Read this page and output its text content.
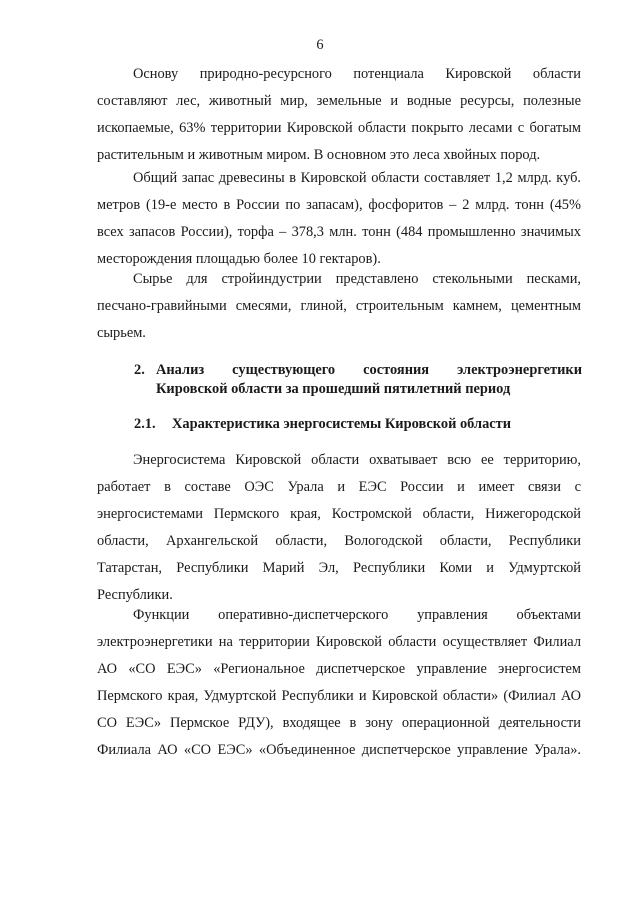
6
Основу природно-ресурсного потенциала Кировской области
составляют лес, животный мир, земельные и водные ресурсы, полезные
ископаемые, 63% территории Кировской области покрыто лесами с богатым
растительным и животным миром. В основном это леса хвойных пород.
Общий запас древесины в Кировской области составляет 1,2 млрд. куб.
метров (19-е место в России по запасам), фосфоритов – 2 млрд. тонн (45%
всех запасов России), торфа – 378,3 млн. тонн (484 промышленно значимых
месторождения площадью более 10 гектаров).
Сырье для стройиндустрии представлено стекольными песками,
песчано-гравийными смесями, глиной, строительным камнем, цементным
сырьем.
2. Анализ существующего состояния электроэнергетики
Кировской области за прошедший пятилетний период
2.1. Характеристика энергосистемы Кировской области
Энергосистема Кировской области охватывает всю ее территорию,
работает в составе ОЭС Урала и ЕЭС России и имеет связи с
энергосистемами Пермского края, Костромской области, Нижегородской
области, Архангельской области, Вологодской области, Республики
Татарстан, Республики Марий Эл, Республики Коми и Удмуртской
Республики.
Функции оперативно-диспетчерского управления объектами
электроэнергетики на территории Кировской области осуществляет Филиал
АО «СО ЕЭС» «Региональное диспетчерское управление энергосистем
Пермского края, Удмуртской Республики и Кировской области» (Филиал АО
СО ЕЭС» Пермское РДУ), входящее в зону операционной деятельности
Филиала АО «СО ЕЭС» «Объединенное диспетчерское управление Урала».
